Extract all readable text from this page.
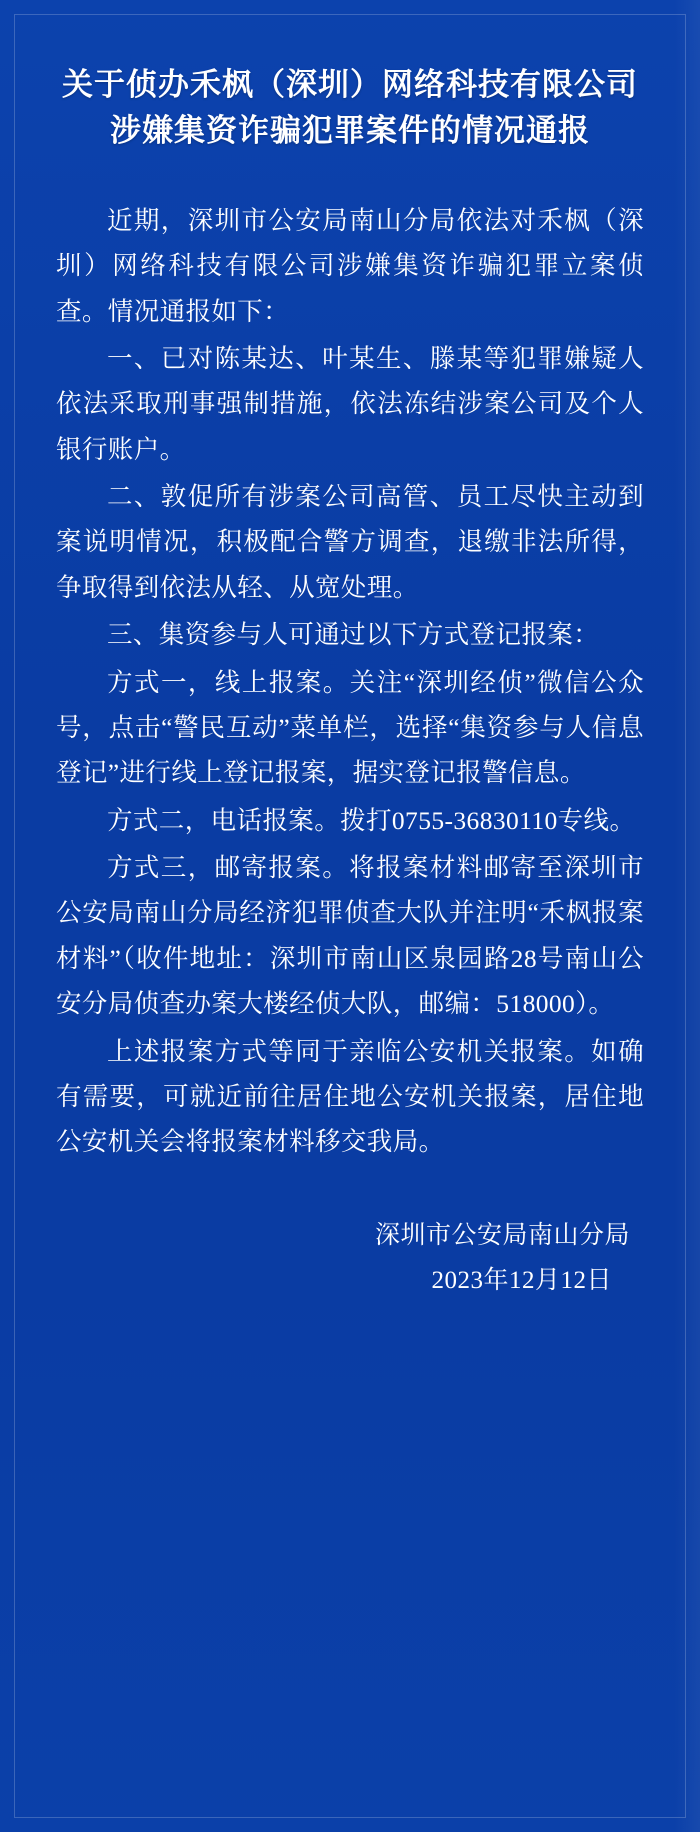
关于侦办禾枫（深圳）网络科技有限公司
涉嫌集资诈骗犯罪案件的情况通报

近期，深圳市公安局南山分局依法对禾枫（深圳）网络科技有限公司涉嫌集资诈骗犯罪立案侦查。情况通报如下：

一、已对陈某达、叶某生、滕某等犯罪嫌疑人依法采取刑事强制措施，依法冻结涉案公司及个人银行账户。

二、敦促所有涉案公司高管、员工尽快主动到案说明情况，积极配合警方调查，退缴非法所得，争取得到依法从轻、从宽处理。

三、集资参与人可通过以下方式登记报案：

方式一，线上报案。关注“深圳经侦”微信公众号，点击“警民互动”菜单栏，选择“集资参与人信息登记”进行线上登记报案，据实登记报警信息。

方式二，电话报案。拨打0755-36830110专线。

方式三，邮寄报案。将报案材料邮寄至深圳市公安局南山分局经济犯罪侦查大队并注明“禾枫报案材料”（收件地址：深圳市南山区泉园路28号南山公安分局侦查办案大楼经侦大队，邮编：518000）。

上述报案方式等同于亲临公安机关报案。如确有需要，可就近前往居住地公安机关报案，居住地公安机关会将报案材料移交我局。

深圳市公安局南山分局
2023年12月12日
